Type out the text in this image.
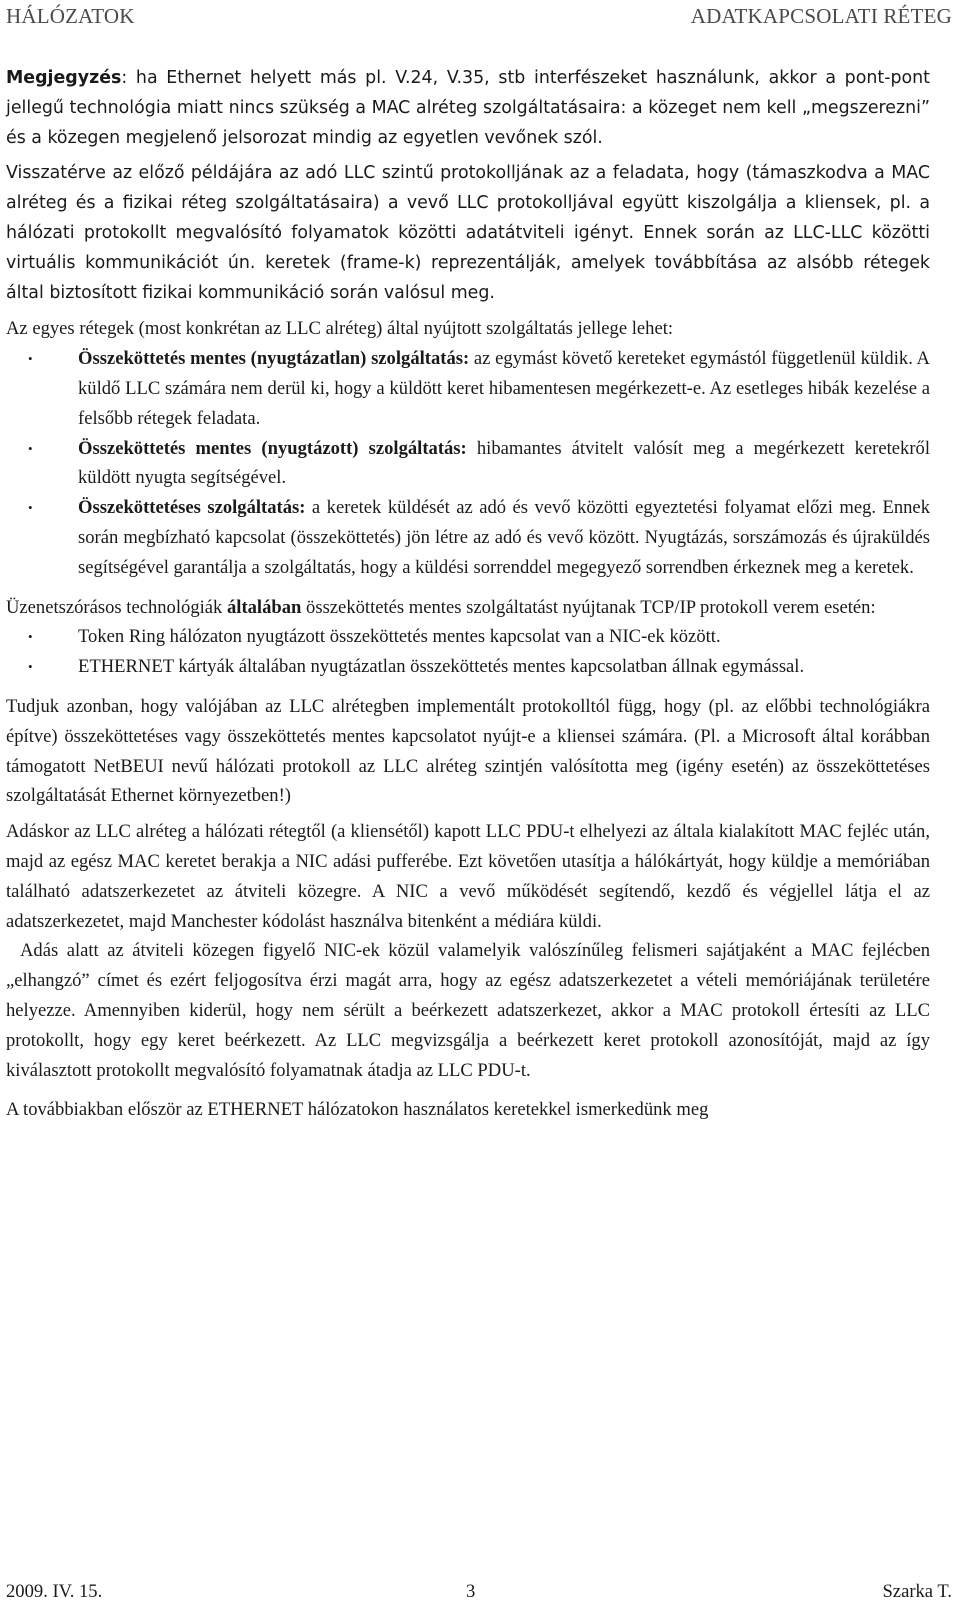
HÁLÓZATOK	ADATKAPCSOLATI RÉTEG

Megjegyzés: ha Ethernet helyett más pl. V.24, V.35, stb interfészeket használunk, akkor a pont-pont jellegű technológia miatt nincs szükség a MAC alréteg szolgáltatásaira: a közeget nem kell „megszerezni” és a közegen megjelenő jelsorozat mindig az egyetlen vevőnek szól.

Visszatérve az előző példájára az adó LLC szintű protokolljának az a feladata, hogy (támaszkodva a MAC alréteg és a fizikai réteg szolgáltatásaira) a vevő LLC protokolljával együtt kiszolgálja a kliensek, pl. a hálózati protokollt megvalósító folyamatok közötti adatátviteli igényt. Ennek során az LLC-LLC közötti virtuális kommunikációt ún. keretek (frame-k) reprezentálják, amelyek továbbítása az alsóbb rétegek által biztosított fizikai kommunikáció során valósul meg.

Az egyes rétegek (most konkrétan az LLC alréteg) által nyújtott szolgáltatás jellege lehet:

• Összeköttetés mentes (nyugtázatlan) szolgáltatás: az egymást követő kereteket egymástól függetlenül küldik. A küldő LLC számára nem derül ki, hogy a küldött keret hibamentesen megérkezett-e. Az esetleges hibák kezelése a felsőbb rétegek feladata.
• Összeköttetés mentes (nyugtázott) szolgáltatás: hibamantes átvitelt valósít meg a megérkezett keretekről küldött nyugta segítségével.
• Összeköttetéses szolgáltatás: a keretek küldését az adó és vevő közötti egyeztetési folyamat előzi meg. Ennek során megbízható kapcsolat (összeköttetés) jön létre az adó és vevő között. Nyugtázás, sorszámozás és újraküldés segítségével garantálja a szolgáltatás, hogy a küldési sorrenddel megegyező sorrendben érkeznek meg a keretek.

Üzenetszórásos technológiák általában összeköttetés mentes szolgáltatást nyújtanak TCP/IP protokoll verem esetén:

• Token Ring hálózaton nyugtázott összeköttetés mentes kapcsolat van a NIC-ek között.
• ETHERNET kártyák általában nyugtázatlan összeköttetés mentes kapcsolatban állnak egymással.

Tudjuk azonban, hogy valójában az LLC alrétegben implementált protokolltól függ, hogy (pl. az előbbi technológiákra építve) összeköttetéses vagy összeköttetés mentes kapcsolatot nyújt-e a kliensei számára. (Pl. a Microsoft által korábban támogatott NetBEUI nevű hálózati protokoll az LLC alréteg szintjén valósította meg (igény esetén) az összeköttetéses szolgáltatását Ethernet környezetben!)

Adáskor az LLC alréteg a hálózati rétegtől (a kliensétől) kapott LLC PDU-t elhelyezi az általa kialakított MAC fejléc után, majd az egész MAC keretet berakja a NIC adási pufferébe. Ezt követően utasítja a hálókártyát, hogy küldje a memóriában található adatszerkezetet az átviteli közegre. A NIC a vevő működését segítendő, kezdő és végjellel látja el az adatszerkezetet, majd Manchester kódolást használva bitenként a médiára küldi.

Adás alatt az átviteli közegen figyelő NIC-ek közül valamelyik valószínűleg felismeri sajátjaként a MAC fejlécben „elhangzó” címet és ezért feljogosítva érzi magát arra, hogy az egész adatszerkezetet a vételi memóriájának területére helyezze. Amennyiben kiderül, hogy nem sérült a beérkezett adatszerkezet, akkor a MAC protokoll értesíti az LLC protokollt, hogy egy keret beérkezett. Az LLC megvizsgálja a beérkezett keret protokoll azonosítóját, majd az így kiválasztott protokollt megvalósító folyamatnak átadja az LLC PDU-t.

A továbbiakban először az ETHERNET hálózatokon használatos keretekkel ismerkedünk meg

2009. IV. 15.	3	Szarka T.
